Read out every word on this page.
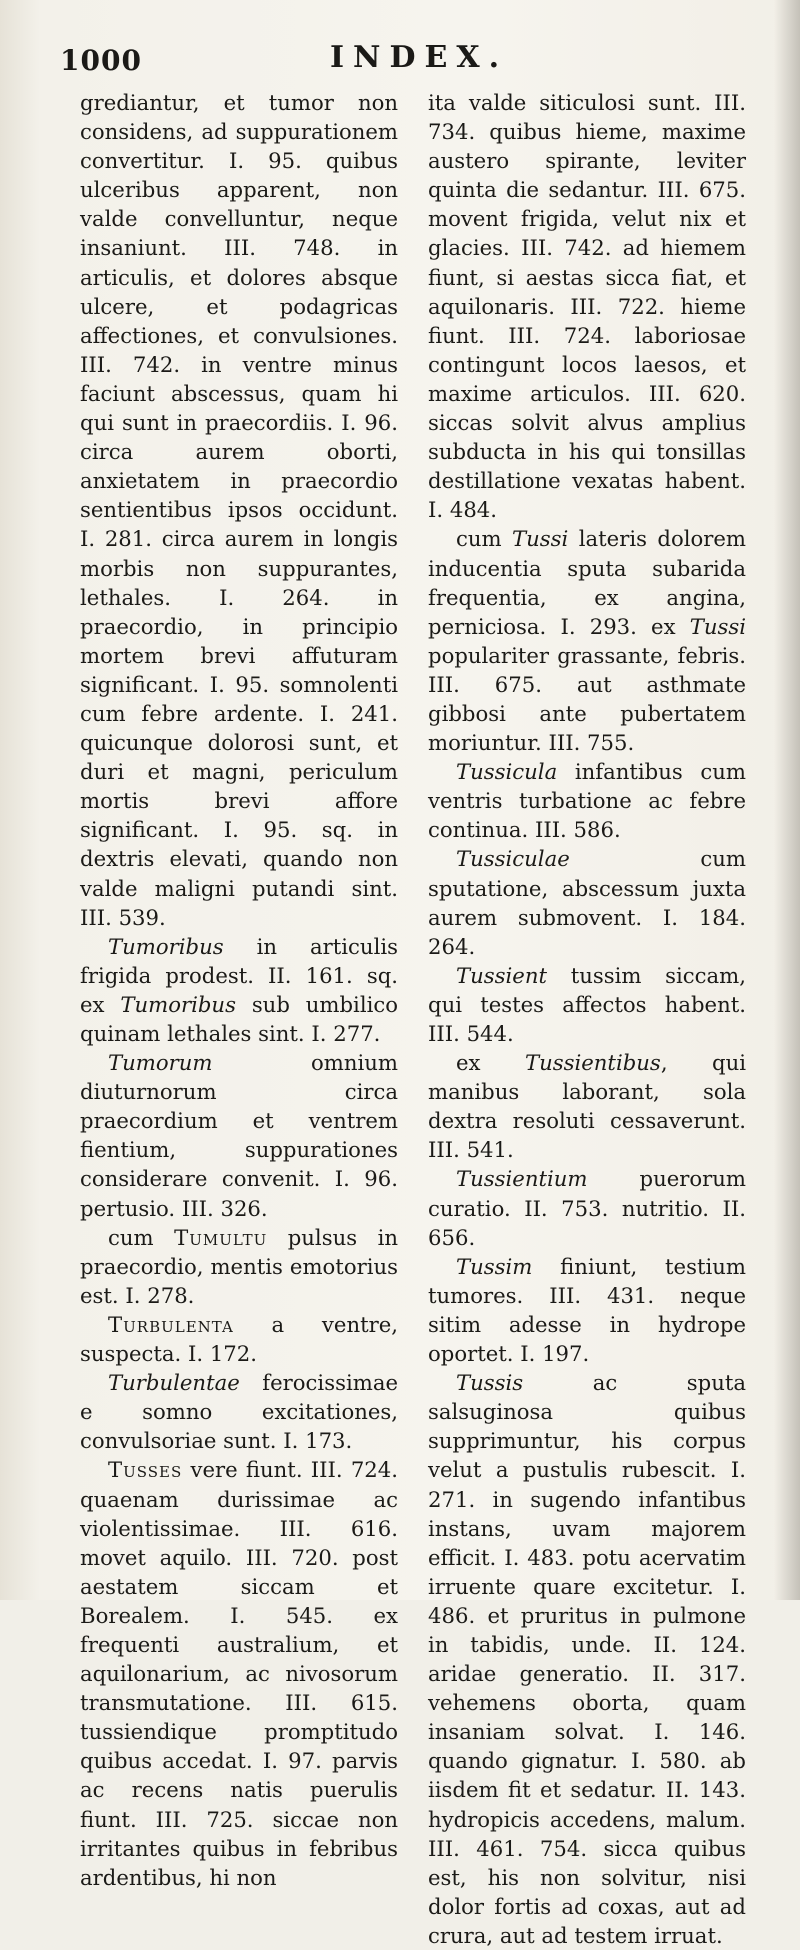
1000	INDEX.

grediantur, et tumor non considens, ad suppurationem convertitur. I. 95. quibus ulceribus apparent, non valde convelluntur, neque insaniunt. III. 748. in articulis, et dolores absque ulcere, et podagricas affectiones, et convulsiones. III. 742. in ventre minus faciunt abscessus, quam hi qui sunt in praecordiis. I. 96. circa aurem oborti, anxietatem in praecordio sentientibus ipsos occidunt. I. 281. circa aurem in longis morbis non suppurantes, lethales. I. 264. in praecordio, in principio mortem brevi affuturam significant. I. 95. somnolenti cum febre ardente. I. 241. quicunque dolorosi sunt, et duri et magni, periculum mortis brevi affore significant. I. 95. sq. in dextris elevati, quando non valde maligni putandi sint. III. 539.

Tumoribus in articulis frigida prodest. II. 161. sq. ex Tumoribus sub umbilico quinam lethales sint. I. 277.

Tumorum omnium diuturnorum circa praecordium et ventrem fientium, suppurationes considerare convenit. I. 96. pertusio. III. 326.

cum Tumultu pulsus in praecordio, mentis emotorius est. I. 278.

Turbulenta a ventre, suspecta. I. 172.

Turbulentae ferocissimae e somno excitationes, convulsoriae sunt. I. 173.

Tusses vere fiunt. III. 724. quaenam durissimae ac violentissimae. III. 616. movet aquilo. III. 720. post aestatem siccam et Borealem. I. 545. ex frequenti australium, et aquilonarium, ac nivosorum transmutatione. III. 615. tussiendique promptitudo quibus accedat. I. 97. parvis ac recens natis puerulis fiunt. III. 725. siccae non irritantes quibus in febribus ardentibus, hi non

ita valde siticulosi sunt. III. 734. quibus hieme, maxime austero spirante, leviter quinta die sedantur. III. 675. movent frigida, velut nix et glacies. III. 742. ad hiemem fiunt, si aestas sicca fiat, et aquilonaris. III. 722. hieme fiunt. III. 724. laboriosae contingunt locos laesos, et maxime articulos. III. 620. siccas solvit alvus amplius subducta in his qui tonsillas destillatione vexatas habent. I. 484.

cum Tussi lateris dolorem inducentia sputa subarida frequentia, ex angina, perniciosa. I. 293. ex Tussi populariter grassante, febris. III. 675. aut asthmate gibbosi ante pubertatem moriuntur. III. 755.

Tussicula infantibus cum ventris turbatione ac febre continua. III. 586.

Tussiculae cum sputatione, abscessum juxta aurem submovent. I. 184. 264.

Tussient tussim siccam, qui testes affectos habent. III. 544.

ex Tussientibus, qui manibus laborant, sola dextra resoluti cessaverunt. III. 541.

Tussientium puerorum curatio. II. 753. nutritio. II. 656.

Tussim finiunt, testium tumores. III. 431. neque sitim adesse in hydrope oportet. I. 197.

Tussis ac sputa salsuginosa quibus supprimuntur, his corpus velut a pustulis rubescit. I. 271. in sugendo infantibus instans, uvam majorem efficit. I. 483. potu acervatim irruente quare excitetur. I. 486. et pruritus in pulmone in tabidis, unde. II. 124. aridae generatio. II. 317. vehemens oborta, quam insaniam solvat. I. 146. quando gignatur. I. 580. ab iisdem fit et sedatur. II. 143. hydropicis accedens, malum. III. 461. 754. sicca quibus est, his non solvitur, nisi dolor fortis ad coxas, aut ad crura, aut ad testem irruat.
